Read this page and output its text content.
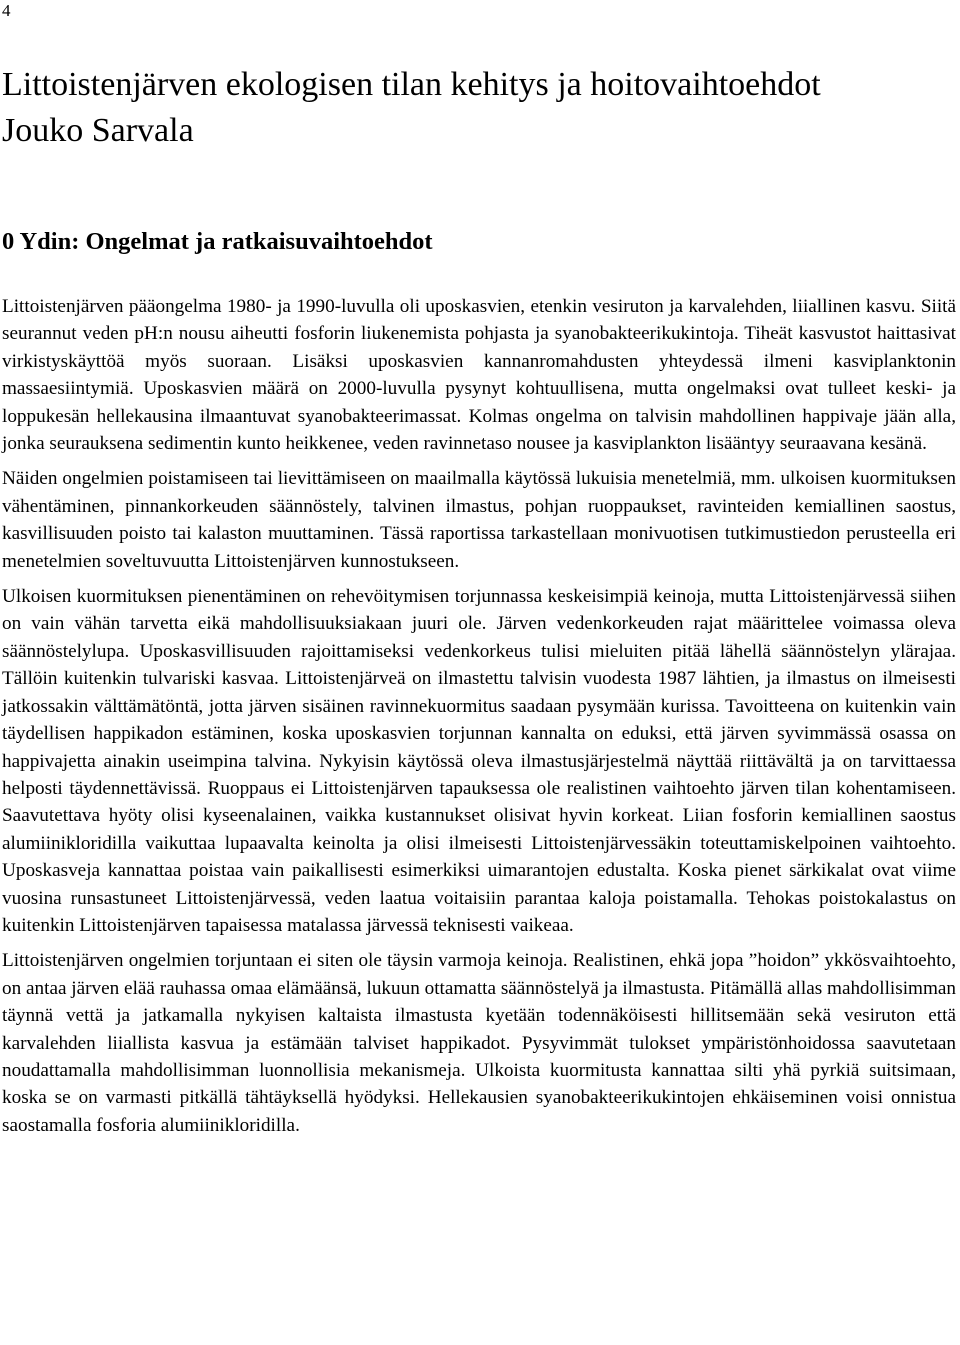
4
Littoistenjärven ekologisen tilan kehitys ja hoitovaihtoehdot
Jouko Sarvala
0 Ydin: Ongelmat ja ratkaisuvaihtoehdot

Littoistenjärven pääongelma 1980- ja 1990-luvulla oli uposkasvien, etenkin vesiruton ja karvalehden, liiallinen kasvu. Siitä seurannut veden pH:n nousu aiheutti fosforin liukenemista pohjasta ja syanobakteerikukintoja. Tiheät kasvustot haittasivat virkistyskäyttöä myös suoraan. Lisäksi uposkasvien kannanromahdusten yhteydessä ilmeni kasviplanktonin massaesiintymiä. Uposkasvien määrä on 2000-luvulla pysynyt kohtuullisena, mutta ongelmaksi ovat tulleet keski- ja loppukesän hellekausina ilmaantuvat syanobakteerimassat. Kolmas ongelma on talvisin mahdollinen happivaje jään alla, jonka seurauksena sedimentin kunto heikkenee, veden ravinnetaso nousee ja kasviplankton lisääntyy seuraavana kesänä.

Näiden ongelmien poistamiseen tai lievittämiseen on maailmalla käytössä lukuisia menetelmiä, mm. ulkoisen kuormituksen vähentäminen, pinnankorkeuden säännöstely, talvinen ilmastus, pohjan ruoppaukset, ravinteiden kemiallinen saostus, kasvillisuuden poisto tai kalaston muuttaminen. Tässä raportissa tarkastellaan monivuotisen tutkimustiedon perusteella eri menetelmien soveltuvuutta Littoistenjärven kunnostukseen.

Ulkoisen kuormituksen pienentäminen on rehevöitymisen torjunnassa keskeisimpiä keinoja, mutta Littoistenjärvessä siihen on vain vähän tarvetta eikä mahdollisuuksiakaan juuri ole. Järven vedenkorkeuden rajat määrittelee voimassa oleva säännöstelylupa. Uposkasvillisuuden rajoittamiseksi vedenkorkeus tulisi mieluiten pitää lähellä säännöstelyn ylärajaa. Tällöin kuitenkin tulvariski kasvaa. Littoistenjärveä on ilmastettu talvisin vuodesta 1987 lähtien, ja ilmastus on ilmeisesti jatkossakin välttämätöntä, jotta järven sisäinen ravinnekuormitus saadaan pysymään kurissa. Tavoitteena on kuitenkin vain täydellisen happikadon estäminen, koska uposkasvien torjunnan kannalta on eduksi, että järven syvimmässä osassa on happivajetta ainakin useimpina talvina. Nykyisin käytössä oleva ilmastusjärjestelmä näyttää riittävältä ja on tarvittaessa helposti täydennettävissä. Ruoppaus ei Littoistenjärven tapauksessa ole realistinen vaihtoehto järven tilan kohentamiseen. Saavutettava hyöty olisi kyseenalainen, vaikka kustannukset olisivat hyvin korkeat. Liian fosforin kemiallinen saostus alumiinikloridilla vaikuttaa lupaavalta keinolta ja olisi ilmeisesti Littoistenjärvessäkin toteuttamiskelpoinen vaihtoehto. Uposkasveja kannattaa poistaa vain paikallisesti esimerkiksi uimarantojen edustalta. Koska pienet särkikalat ovat viime vuosina runsastuneet Littoistenjärvessä, veden laatua voitaisiin parantaa kaloja poistamalla. Tehokas poistokalastus on kuitenkin Littoistenjärven tapaisessa matalassa järvessä teknisesti vaikeaa.

Littoistenjärven ongelmien torjuntaan ei siten ole täysin varmoja keinoja. Realistinen, ehkä jopa ”hoidon” ykkösvaihtoehto, on antaa järven elää rauhassa omaa elämäänsä, lukuun ottamatta säännöstelyä ja ilmastusta. Pitämällä allas mahdollisimman täynnä vettä ja jatkamalla nykyisen kaltaista ilmastusta kyetään todennäköisesti hillitsemään sekä vesiruton että karvalehden liiallista kasvua ja estämään talviset happikadot. Pysyvimmät tulokset ympäristönhoidossa saavutetaan noudattamalla mahdollisimman luonnollisia mekanismeja. Ulkoista kuormitusta kannattaa silti yhä pyrkiä suitsimaan, koska se on varmasti pitkällä tähtäyksellä hyödyksi. Hellekausien syanobakteerikukintojen ehkäiseminen voisi onnistua saostamalla fosforia alumiinikloridilla.
